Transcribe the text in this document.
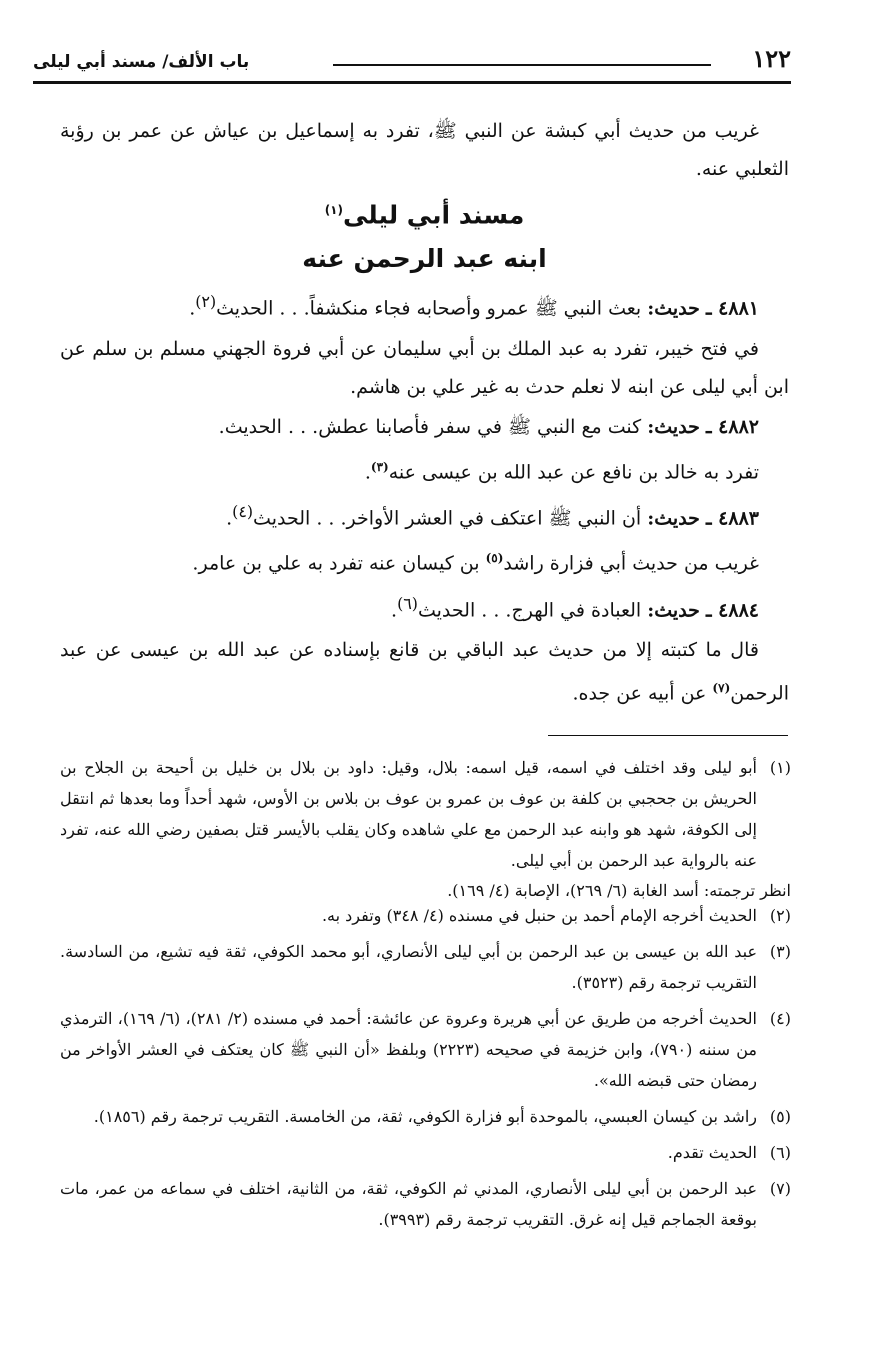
١٢٢
باب الألف/ مسند أبي ليلى

غريب من حديث أبي كبشة عن النبي ﷺ، تفرد به إسماعيل بن عياش عن عمر بن رؤبة الثعلبي عنه.

مسند أبي ليلى$^{(١)}$

ابنه عبد الرحمن عنه

٤٨٨١ ـ حديث: بعث النبي ﷺ عمرو وأصحابه فجاء منكشفاً. . . الحديث$^{(٢)}$.

في فتح خيبر، تفرد به عبد الملك بن أبي سليمان عن أبي فروة الجهني مسلم بن سلم عن ابن أبي ليلى عن ابنه لا نعلم حدث به غير علي بن هاشم.

٤٨٨٢ ـ حديث: كنت مع النبي ﷺ في سفر فأصابنا عطش. . . الحديث.

تفرد به خالد بن نافع عن عبد الله بن عيسى عنه$^{(٣)}$.

٤٨٨٣ ـ حديث: أن النبي ﷺ اعتكف في العشر الأواخر. . . الحديث$^{(٤)}$.

غريب من حديث أبي فزارة راشد$^{(٥)}$ بن كيسان عنه تفرد به علي بن عامر.

٤٨٨٤ ـ حديث: العبادة في الهرج. . . الحديث$^{(٦)}$.

قال ما كتبته إلا من حديث عبد الباقي بن قانع بإسناده عن عبد الله بن عيسى عن عبد الرحمن$^{(٧)}$ عن أبيه عن جده.

(١)
أبو ليلى وقد اختلف في اسمه، قيل اسمه: بلال، وقيل: داود بن بلال بن خليل بن أحيحة بن الجلاح بن الحريش بن جحجبي بن كلفة بن عوف بن عمرو بن عوف بن بلاس بن الأوس، شهد أحداً وما بعدها ثم انتقل إلى الكوفة، شهد هو وابنه عبد الرحمن مع علي شاهده وكان يقلب بالأيسر قتل بصفين رضي الله عنه، تفرد عنه بالرواية عبد الرحمن بن أبي ليلى.
انظر ترجمته: أسد الغابة (٦/ ٢٦٩)، الإصابة (٤/ ١٦٩).
(٢)
الحديث أخرجه الإمام أحمد بن حنبل في مسنده (٤/ ٣٤٨) وتفرد به.
(٣)
عبد الله بن عيسى بن عبد الرحمن بن أبي ليلى الأنصاري، أبو محمد الكوفي، ثقة فيه تشيع، من السادسة. التقريب ترجمة رقم (٣٥٢٣).
(٤)
الحديث أخرجه من طريق عن أبي هريرة وعروة عن عائشة: أحمد في مسنده (٢/ ٢٨١)، (٦/ ١٦٩)، الترمذي من سننه (٧٩٠)، وابن خزيمة في صحيحه (٢٢٢٣) وبلفظ «أن النبي ﷺ كان يعتكف في العشر الأواخر من رمضان حتى قبضه الله».
(٥)
راشد بن كيسان العبسي، بالموحدة أبو فزارة الكوفي، ثقة، من الخامسة. التقريب ترجمة رقم (١٨٥٦).
(٦)
الحديث تقدم.
(٧)
عبد الرحمن بن أبي ليلى الأنصاري، المدني ثم الكوفي، ثقة، من الثانية، اختلف في سماعه من عمر، مات بوقعة الجماجم قيل إنه غرق. التقريب ترجمة رقم (٣٩٩٣).
